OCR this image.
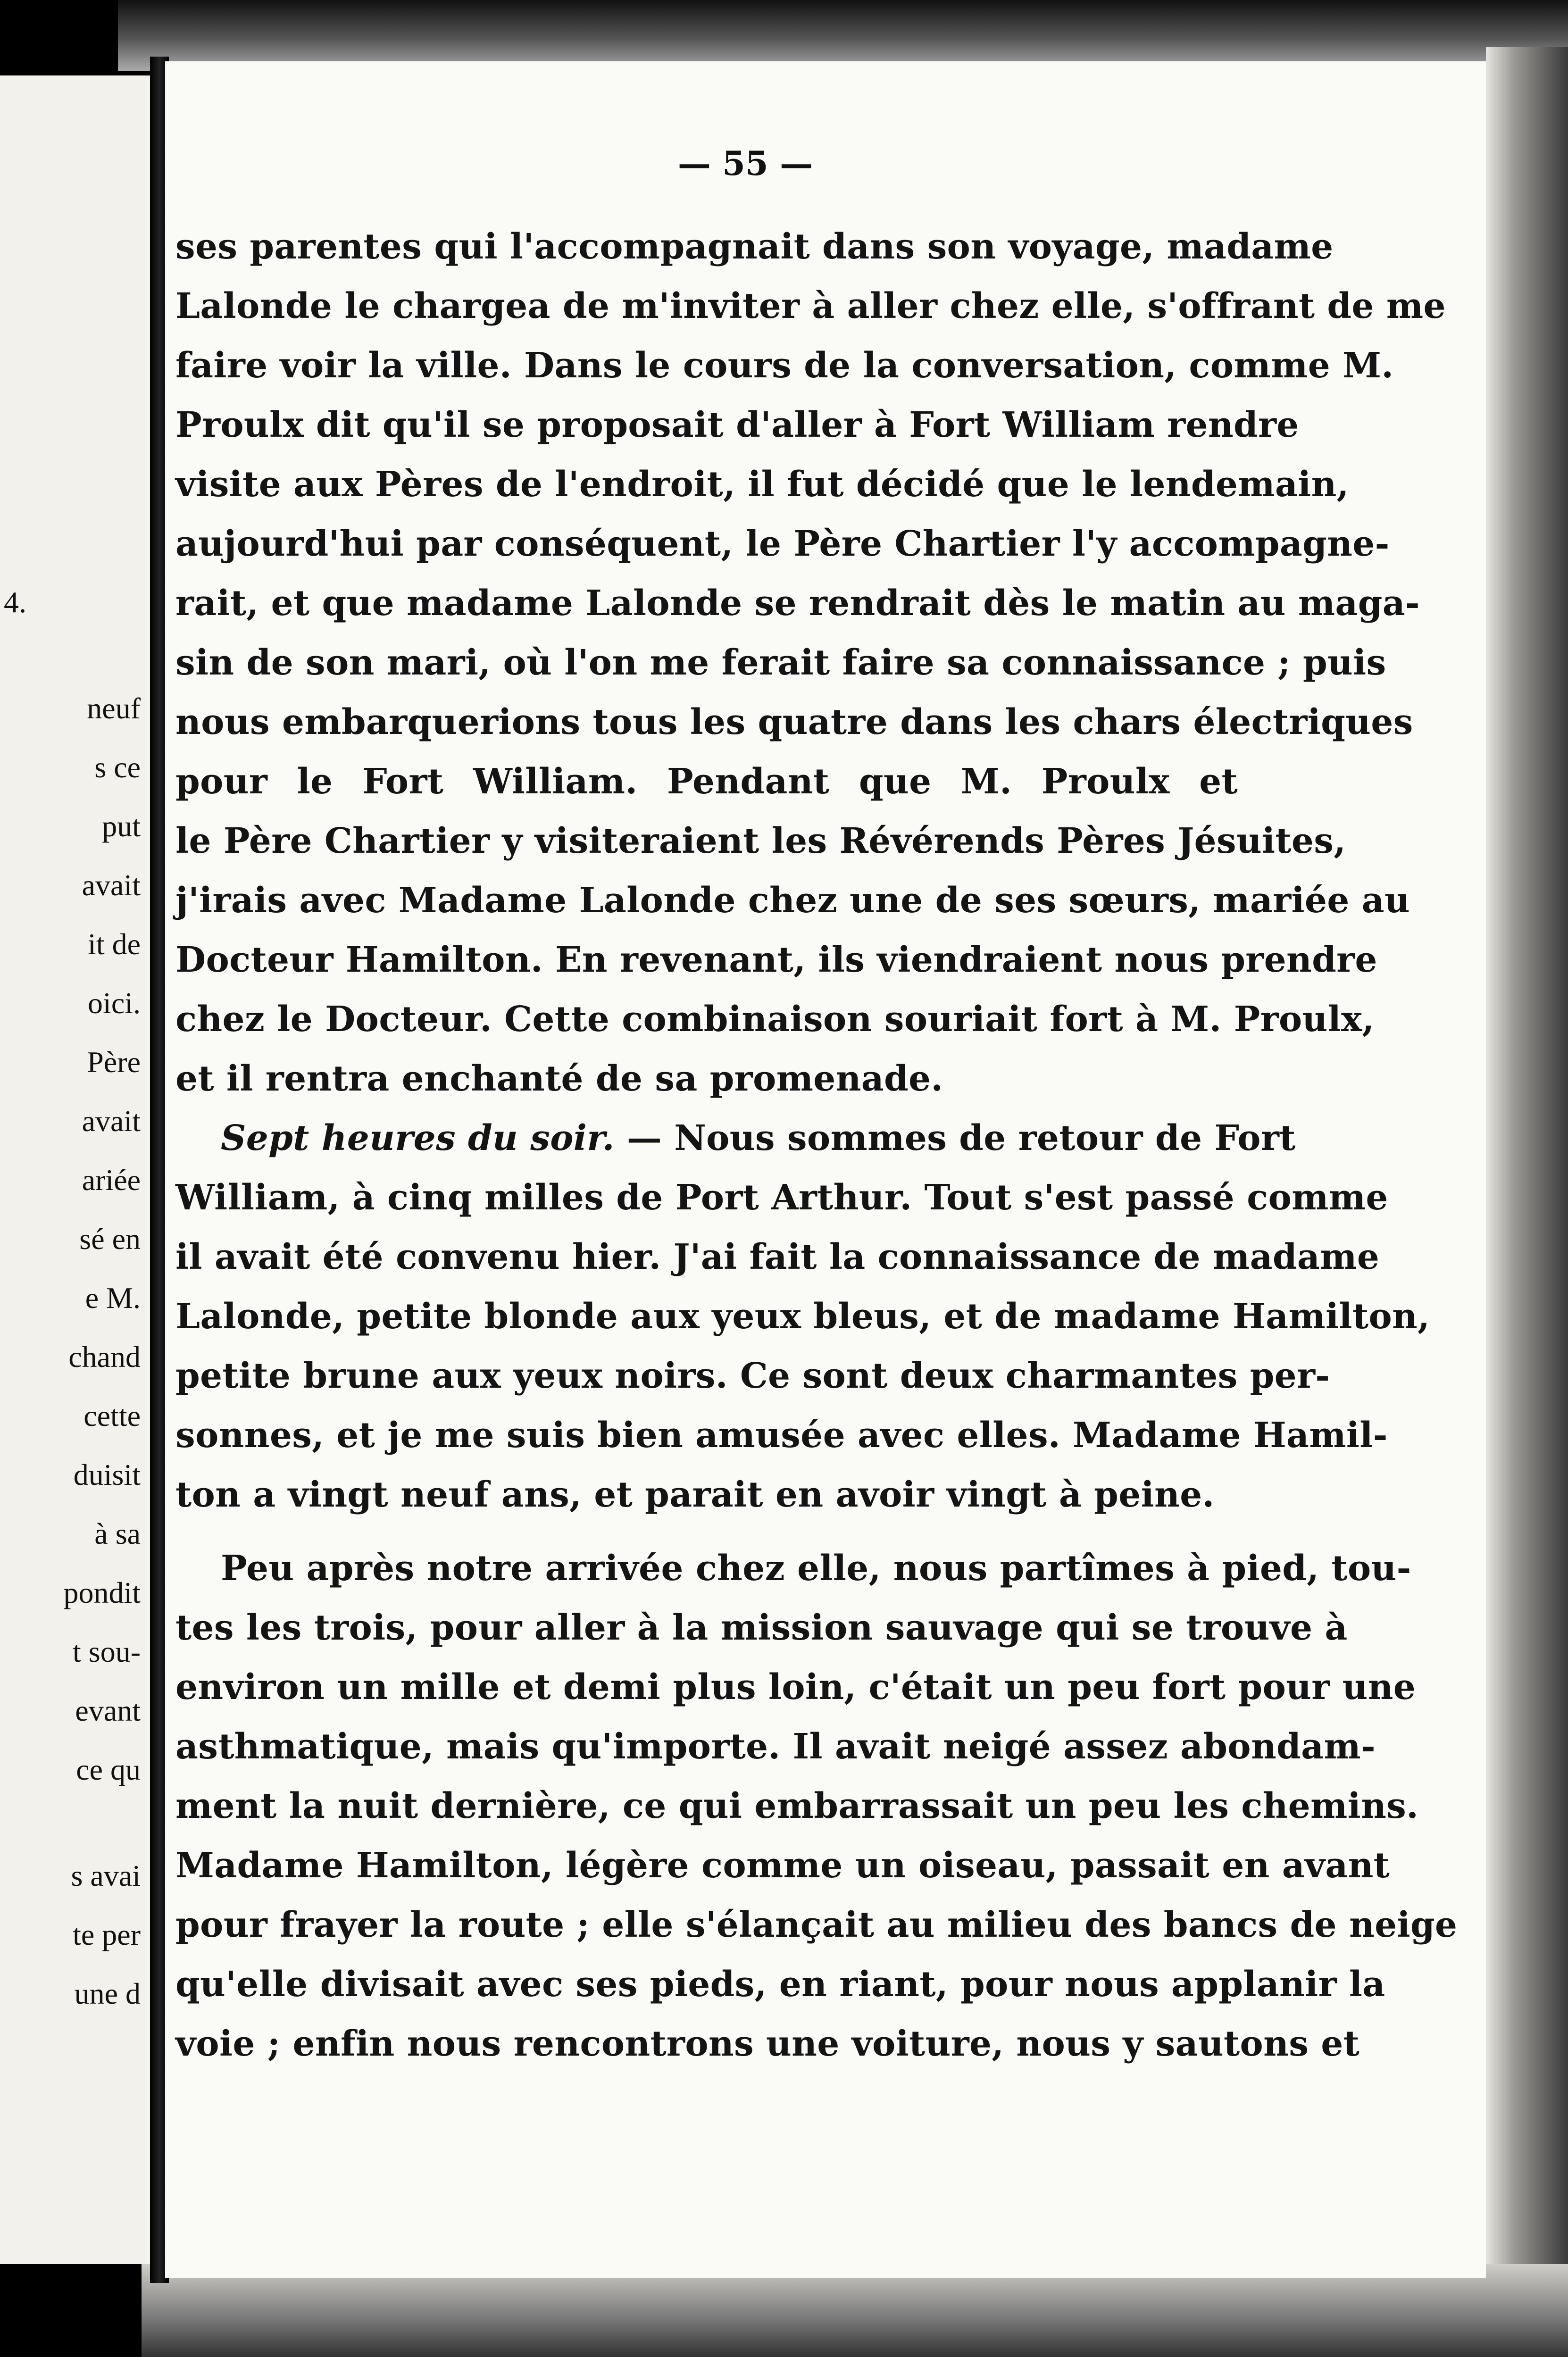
4.
neuf
s ce
put
avait
it de
oici.
Père
avait
ariée
sé en
e M.
chand
cette
duisit
à sa
pondit
t sou-
evant
ce qu
s avai
te per
une d
— 55 —
ses parentes qui l'accompagnait dans son voyage, madame
Lalonde le chargea de m'inviter à aller chez elle, s'offrant de me
faire voir la ville. Dans le cours de la conversation, comme M.
Proulx dit qu'il se proposait d'aller à Fort William rendre
visite aux Pères de l'endroit, il fut décidé que le lendemain,
aujourd'hui par conséquent, le Père Chartier l'y accompagne-
rait, et que madame Lalonde se rendrait dès le matin au maga-
sin de son mari, où l'on me ferait faire sa connaissance ; puis
nous embarquerions tous les quatre dans les chars électriques
pour le Fort William. Pendant que M. Proulx et
le Père Chartier y visiteraient les Révérends Pères Jésuites,
j'irais avec Madame Lalonde chez une de ses sœurs, mariée au
Docteur Hamilton. En revenant, ils viendraient nous prendre
chez le Docteur. Cette combinaison souriait fort à M. Proulx,
et il rentra enchanté de sa promenade.
Sept heures du soir. — Nous sommes de retour de Fort
William, à cinq milles de Port Arthur. Tout s'est passé comme
il avait été convenu hier. J'ai fait la connaissance de madame
Lalonde, petite blonde aux yeux bleus, et de madame Hamilton,
petite brune aux yeux noirs. Ce sont deux charmantes per-
sonnes, et je me suis bien amusée avec elles. Madame Hamil-
ton a vingt neuf ans, et parait en avoir vingt à peine.
Peu après notre arrivée chez elle, nous partîmes à pied, tou-
tes les trois, pour aller à la mission sauvage qui se trouve à
environ un mille et demi plus loin, c'était un peu fort pour une
asthmatique, mais qu'importe. Il avait neigé assez abondam-
ment la nuit dernière, ce qui embarrassait un peu les chemins.
Madame Hamilton, légère comme un oiseau, passait en avant
pour frayer la route ; elle s'élançait au milieu des bancs de neige
qu'elle divisait avec ses pieds, en riant, pour nous applanir la
voie ; enfin nous rencontrons une voiture, nous y sautons et
